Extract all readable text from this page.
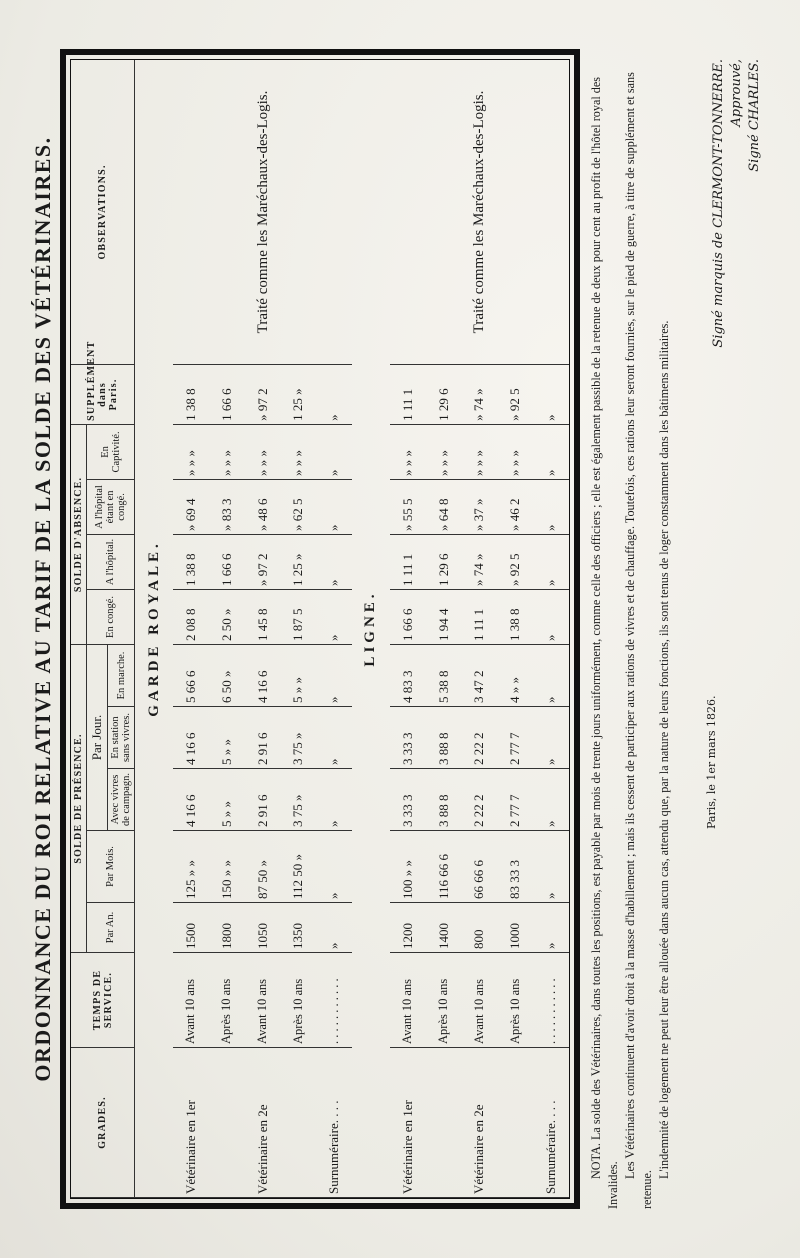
ORDONNANCE DU ROI RELATIVE AU TARIF DE LA SOLDE DES VÉTÉRINAIRES.
GRADES.	TEMPS DE SERVICE.	SOLDE DE PRÉSENCE.					SOLDE D'ABSENCE.				SUPPLÉMENT dans Paris.	OBSERVATIONS.
		Par An.	Par Mois.	Par Jour.			En congé.	A l'hôpital.	A l'hôpital étant en congé.	En Captivité.		
				Avec vivres de campagn.	En station sans vivres.	En marche.						
GARDE ROYALE.												
Vétérinaire en 1er	Avant 10 ans	1500	125 » »	4 16 6	4 16 6	5 66 6	2 08 8	1 38 8	» 69 4	» » »	1 38 8	Traité comme les Maréchaux-des-Logis.
	Après 10 ans	1800	150 » »	5 » »	5 » »	6 50 »	2 50 »	1 66 6	» 83 3	» » »	1 66 6	
Vétérinaire en 2e	Avant 10 ans	1050	87 50 »	2 91 6	2 91 6	4 16 6	1 45 8	» 97 2	» 48 6	» » »	» 97 2	
	Après 10 ans	1350	112 50 »	3 75 »	3 75 »	5 » »	1 87 5	1 25 »	» 62 5	» » »	1 25 »	
Surnuméraire. . . .	. . . . . . . . . . .	»	»	»	»	»	»	»	»	»	»	
LIGNE.												
Vétérinaire en 1er	Avant 10 ans	1200	100 » »	3 33 3	3 33 3	4 83 3	1 66 6	1 11 1	» 55 5	» » »	1 11 1	Traité comme les Maréchaux-des-Logis.
	Après 10 ans	1400	116 66 6	3 88 8	3 88 8	5 38 8	1 94 4	1 29 6	» 64 8	» » »	1 29 6	
Vétérinaire en 2e	Avant 10 ans	800	66 66 6	2 22 2	2 22 2	3 47 2	1 11 1	» 74 »	» 37 »	» » »	» 74 »	
	Après 10 ans	1000	83 33 3	2 77 7	2 77 7	4 » »	1 38 8	» 92 5	» 46 2	» » »	» 92 5	
Surnuméraire. . . .	. . . . . . . . . . .	»	»	»	»	»	»	»	»	»	»		NOTA. La solde des Vétérinaires, dans toutes les positions, est payable par mois de trente jours uniformément, comme celle des officiers ; elle est également passible de la retenue de deux pour cent au profit de l'hôtel royal des Invalides.

Les Vétérinaires continuent d'avoir droit à la masse d'habillement ; mais ils cessent de participer aux rations de vivres et de chauffage. Toutefois, ces rations leur seront fournies, sur le pied de guerre, à titre de supplément et sans retenue.

L'indemnité de logement ne peut leur être allouée dans aucun cas, attendu que, par la nature de leurs fonctions, ils sont tenus de loger constamment dans les bâtimens militaires.	Paris, le 1er mars 1826.
Signé marquis de CLERMONT-TONNERRE. Approuvé, Signé CHARLES.
